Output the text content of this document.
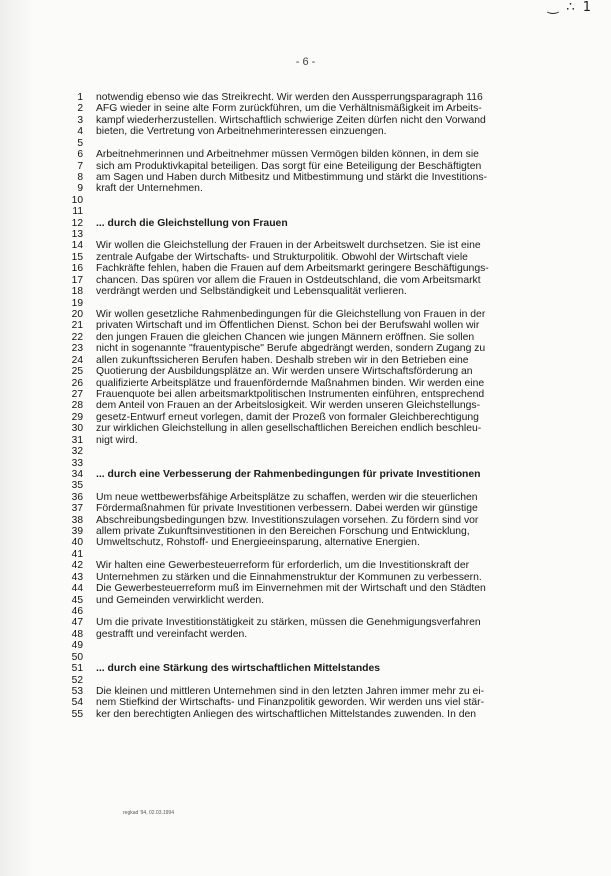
‿ ∴ 1
- 6 -
1 notwendig ebenso wie das Streikrecht. Wir werden den Aussperrungsparagraph 116
2 AFG wieder in seine alte Form zurückführen, um die Verhältnismäßigkeit im Arbeits-
3 kampf wiederherzustellen. Wirtschaftlich schwierige Zeiten dürfen nicht den Vorwand
4 bieten, die Vertretung von Arbeitnehmerinteressen einzuengen.
5
6 Arbeitnehmerinnen und Arbeitnehmer müssen Vermögen bilden können, in dem sie
7 sich am Produktivkapital beteiligen. Das sorgt für eine Beteiligung der Beschäftigten
8 am Sagen und Haben durch Mitbesitz und Mitbestimmung und stärkt die Investitions-
9 kraft der Unternehmen.
10
11
12 ... durch die Gleichstellung von Frauen
13
14 Wir wollen die Gleichstellung der Frauen in der Arbeitswelt durchsetzen. Sie ist eine
15 zentrale Aufgabe der Wirtschafts- und Strukturpolitik. Obwohl der Wirtschaft viele
16 Fachkräfte fehlen, haben die Frauen auf dem Arbeitsmarkt geringere Beschäftigungs-
17 chancen. Das spüren vor allem die Frauen in Ostdeutschland, die vom Arbeitsmarkt
18 verdrängt werden und Selbständigkeit und Lebensqualität verlieren.
19
20 Wir wollen gesetzliche Rahmenbedingungen für die Gleichstellung von Frauen in der
21 privaten Wirtschaft und im Öffentlichen Dienst. Schon bei der Berufswahl wollen wir
22 den jungen Frauen die gleichen Chancen wie jungen Männern eröffnen. Sie sollen
23 nicht in sogenannte "frauentypische" Berufe abgedrängt werden, sondern Zugang zu
24 allen zukunftssicheren Berufen haben. Deshalb streben wir in den Betrieben eine
25 Quotierung der Ausbildungsplätze an. Wir werden unsere Wirtschaftsförderung an
26 qualifizierte Arbeitsplätze und frauenfördernde Maßnahmen binden. Wir werden eine
27 Frauenquote bei allen arbeitsmarktpolitischen Instrumenten einführen, entsprechend
28 dem Anteil von Frauen an der Arbeitslosigkeit. Wir werden unseren Gleichstellungs-
29 gesetz-Entwurf erneut vorlegen, damit der Prozeß von formaler Gleichberechtigung
30 zur wirklichen Gleichstellung in allen gesellschaftlichen Bereichen endlich beschleu-
31 nigt wird.
32
33
34 ... durch eine Verbesserung der Rahmenbedingungen für private Investitionen
35
36 Um neue wettbewerbsfähige Arbeitsplätze zu schaffen, werden wir die steuerlichen
37 Fördermaßnahmen für private Investitionen verbessern. Dabei werden wir günstige
38 Abschreibungsbedingungen bzw. Investitionszulagen vorsehen. Zu fördern sind vor
39 allem private Zukunftsinvestitionen in den Bereichen Forschung und Entwicklung,
40 Umweltschutz, Rohstoff- und Energieeinsparung, alternative Energien.
41
42 Wir halten eine Gewerbesteuerreform für erforderlich, um die Investitionskraft der
43 Unternehmen zu stärken und die Einnahmenstruktur der Kommunen zu verbessern.
44 Die Gewerbesteuerreform muß im Einvernehmen mit der Wirtschaft und den Städten
45 und Gemeinden verwirklicht werden.
46
47 Um die private Investitionstätigkeit zu stärken, müssen die Genehmigungsverfahren
48 gestrafft und vereinfacht werden.
49
50
51 ... durch eine Stärkung des wirtschaftlichen Mittelstandes
52
53 Die kleinen und mittleren Unternehmen sind in den letzten Jahren immer mehr zu ei-
54 nem Stiefkind der Wirtschafts- und Finanzpolitik geworden. Wir werden uns viel stär-
55 ker den berechtigten Anliegen des wirtschaftlichen Mittelstandes zuwenden. In den
regkad '94, 02.03.1994
